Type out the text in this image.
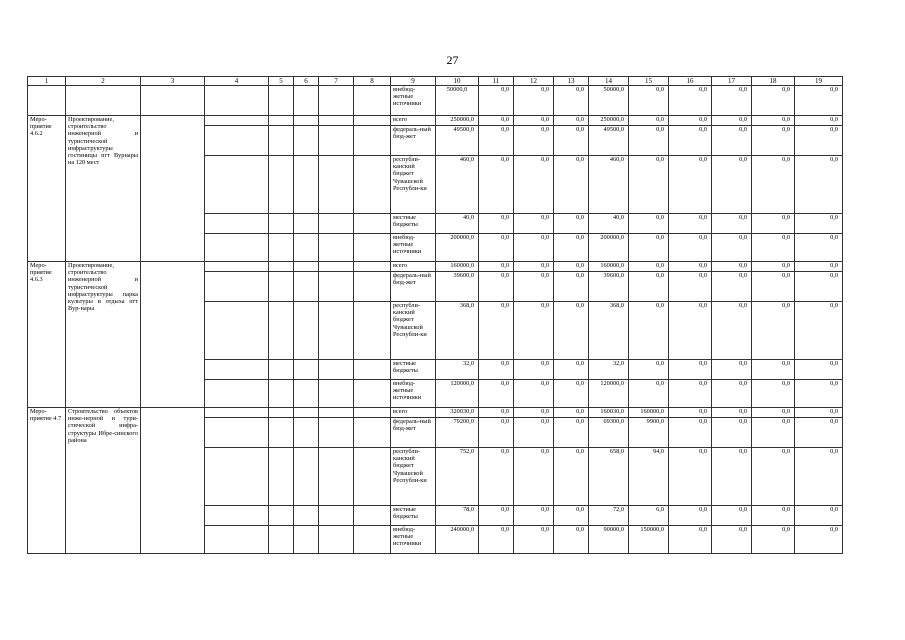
27
1	2	3	4	5	6	7	8	9	10	11	12	13	14	15	16	17	18	19
								внебюд-жетные источники	50000,0	0,0	0,0	0,0	50000,0	0,0	0,0	0,0	0,0	0,0
Меро-приятие 4.6.2	Проектирование, строительство инженерной и туристической инфраструктуры гостиницы пгт Вурнары на 120 мест							всего	250000,0	0,0	0,0	0,0	250000,0	0,0	0,0	0,0	0,0	0,0
								федераль-ный бюд-жет	49500,0	0,0	0,0	0,0	49500,0	0,0	0,0	0,0	0,0	0,0
								республи-канский бюджет Чувашской Республи-ки	460,0	0,0	0,0	0,0	460,0	0,0	0,0	0,0	0,0	0,0
								местные бюджеты	40,0	0,0	0,0	0,0	40,0	0,0	0,0	0,0	0,0	0,0
								внебюд-жетные источники	200000,0	0,0	0,0	0,0	200000,0	0,0	0,0	0,0	0,0	0,0
Меро-приятие 4.6.3	Проектирование, строительство инженерной и туристической инфраструктуры парка культуры и отдыха пгт Вур-нары							всего	160000,0	0,0	0,0	0,0	160000,0	0,0	0,0	0,0	0,0	0,0
								федераль-ный бюд-жет	39600,0	0,0	0,0	0,0	39600,0	0,0	0,0	0,0	0,0	0,0
								республи-канский бюджет Чувашской Республи-ки	368,0	0,0	0,0	0,0	368,0	0,0	0,0	0,0	0,0	0,0
								местные бюджеты	32,0	0,0	0,0	0,0	32,0	0,0	0,0	0,0	0,0	0,0
								внебюд-жетные источники	120000,0	0,0	0,0	0,0	120000,0	0,0	0,0	0,0	0,0	0,0
Меро-приятие 4.7	Строительство объектов инже-нерной и тури-стической инфра-структуры Ибре-синского района							всего	320030,0	0,0	0,0	0,0	160030,0	160000,0	0,0	0,0	0,0	0,0
								федераль-ный бюд-жет	79200,0	0,0	0,0	0,0	69300,0	9900,0	0,0	0,0	0,0	0,0
								республи-канский бюджет Чувашской Республи-ки	752,0	0,0	0,0	0,0	658,0	94,0	0,0	0,0	0,0	0,0
								местные бюджеты	78,0	0,0	0,0	0,0	72,0	6,0	0,0	0,0	0,0	0,0
								внебюд-жетные источники	240000,0	0,0	0,0	0,0	90000,0	150000,0	0,0	0,0	0,0	0,0
